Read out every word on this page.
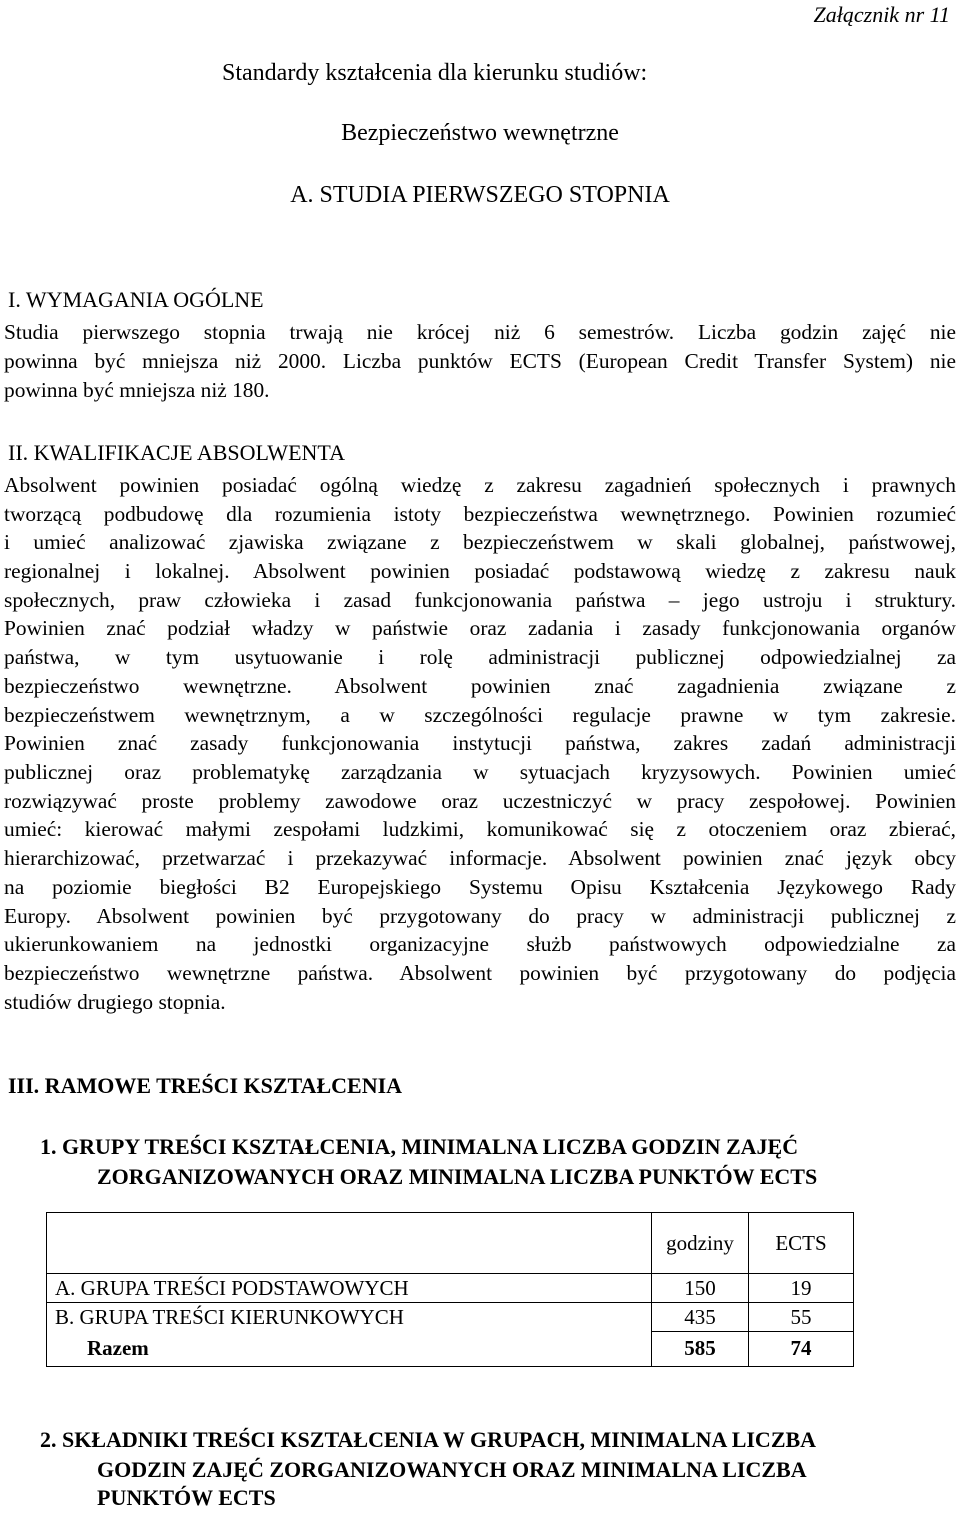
Załącznik nr 11

Standardy kształcenia dla kierunku studiów:

Bezpieczeństwo wewnętrzne

A. STUDIA PIERWSZEGO STOPNIA

I. WYMAGANIA OGÓLNE

Studia pierwszego stopnia trwają nie krócej niż 6 semestrów. Liczba godzin zajęć nie

powinna być mniejsza niż 2000. Liczba punktów ECTS (European Credit Transfer System) nie

powinna być mniejsza niż 180.

II. KWALIFIKACJE ABSOLWENTA

Absolwent powinien posiadać ogólną wiedzę z zakresu zagadnień społecznych i prawnych

tworzącą podbudowę dla rozumienia istoty bezpieczeństwa wewnętrznego. Powinien rozumieć

i umieć analizować zjawiska związane z bezpieczeństwem w skali globalnej, państwowej,

regionalnej i lokalnej. Absolwent powinien posiadać podstawową wiedzę z zakresu nauk

społecznych, praw człowieka i zasad funkcjonowania państwa – jego ustroju i struktury.

Powinien znać podział władzy w państwie oraz zadania i zasady funkcjonowania organów

państwa, w tym usytuowanie i rolę administracji publicznej odpowiedzialnej za

bezpieczeństwo wewnętrzne. Absolwent powinien znać zagadnienia związane z

bezpieczeństwem wewnętrznym, a w szczególności regulacje prawne w tym zakresie.

Powinien znać zasady funkcjonowania instytucji państwa, zakres zadań administracji

publicznej oraz problematykę zarządzania w sytuacjach kryzysowych. Powinien umieć

rozwiązywać proste problemy zawodowe oraz uczestniczyć w pracy zespołowej. Powinien

umieć: kierować małymi zespołami ludzkimi, komunikować się z otoczeniem oraz zbierać,

hierarchizować, przetwarzać i przekazywać informacje. Absolwent powinien znać język obcy

na poziomie biegłości B2 Europejskiego Systemu Opisu Kształcenia Językowego Rady

Europy. Absolwent powinien być przygotowany do pracy w administracji publicznej z

ukierunkowaniem na jednostki organizacyjne służb państwowych odpowiedzialne za

bezpieczeństwo wewnętrzne państwa. Absolwent powinien być przygotowany do podjęcia

studiów drugiego stopnia.

III. RAMOWE TREŚCI KSZTAŁCENIA

1. GRUPY TREŚCI KSZTAŁCENIA, MINIMALNA LICZBA GODZIN ZAJĘĆ

ZORGANIZOWANYCH ORAZ MINIMALNA LICZBA PUNKTÓW ECTS

	godziny	ECTS
A. GRUPA TREŚCI PODSTAWOWYCH	150	19
B. GRUPA TREŚCI KIERUNKOWYCH	435	55
Razem	585	74

2. SKŁADNIKI TREŚCI KSZTAŁCENIA W GRUPACH, MINIMALNA LICZBA

GODZIN ZAJĘĆ ZORGANIZOWANYCH ORAZ MINIMALNA LICZBA

PUNKTÓW ECTS
